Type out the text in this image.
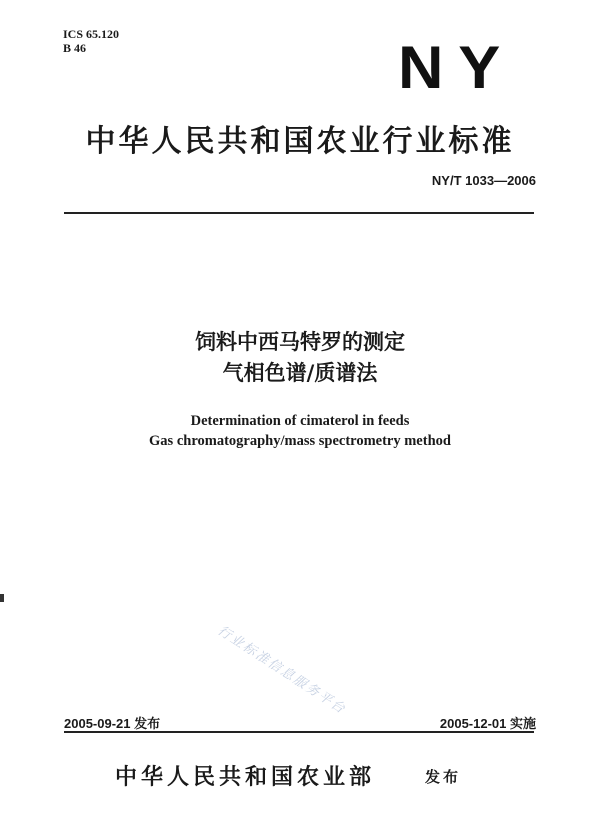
ICS 65.120
B 46	NY
中华人民共和国农业行业标准
NY/T 1033—2006
饲料中西马特罗的测定
气相色谱/质谱法
Determination of cimaterol in feeds
Gas chromatography/mass spectrometry method
行业标准信息服务平台
2005-09-21 发布	2005-12-01 实施
中华人民共和国农业部	发布
